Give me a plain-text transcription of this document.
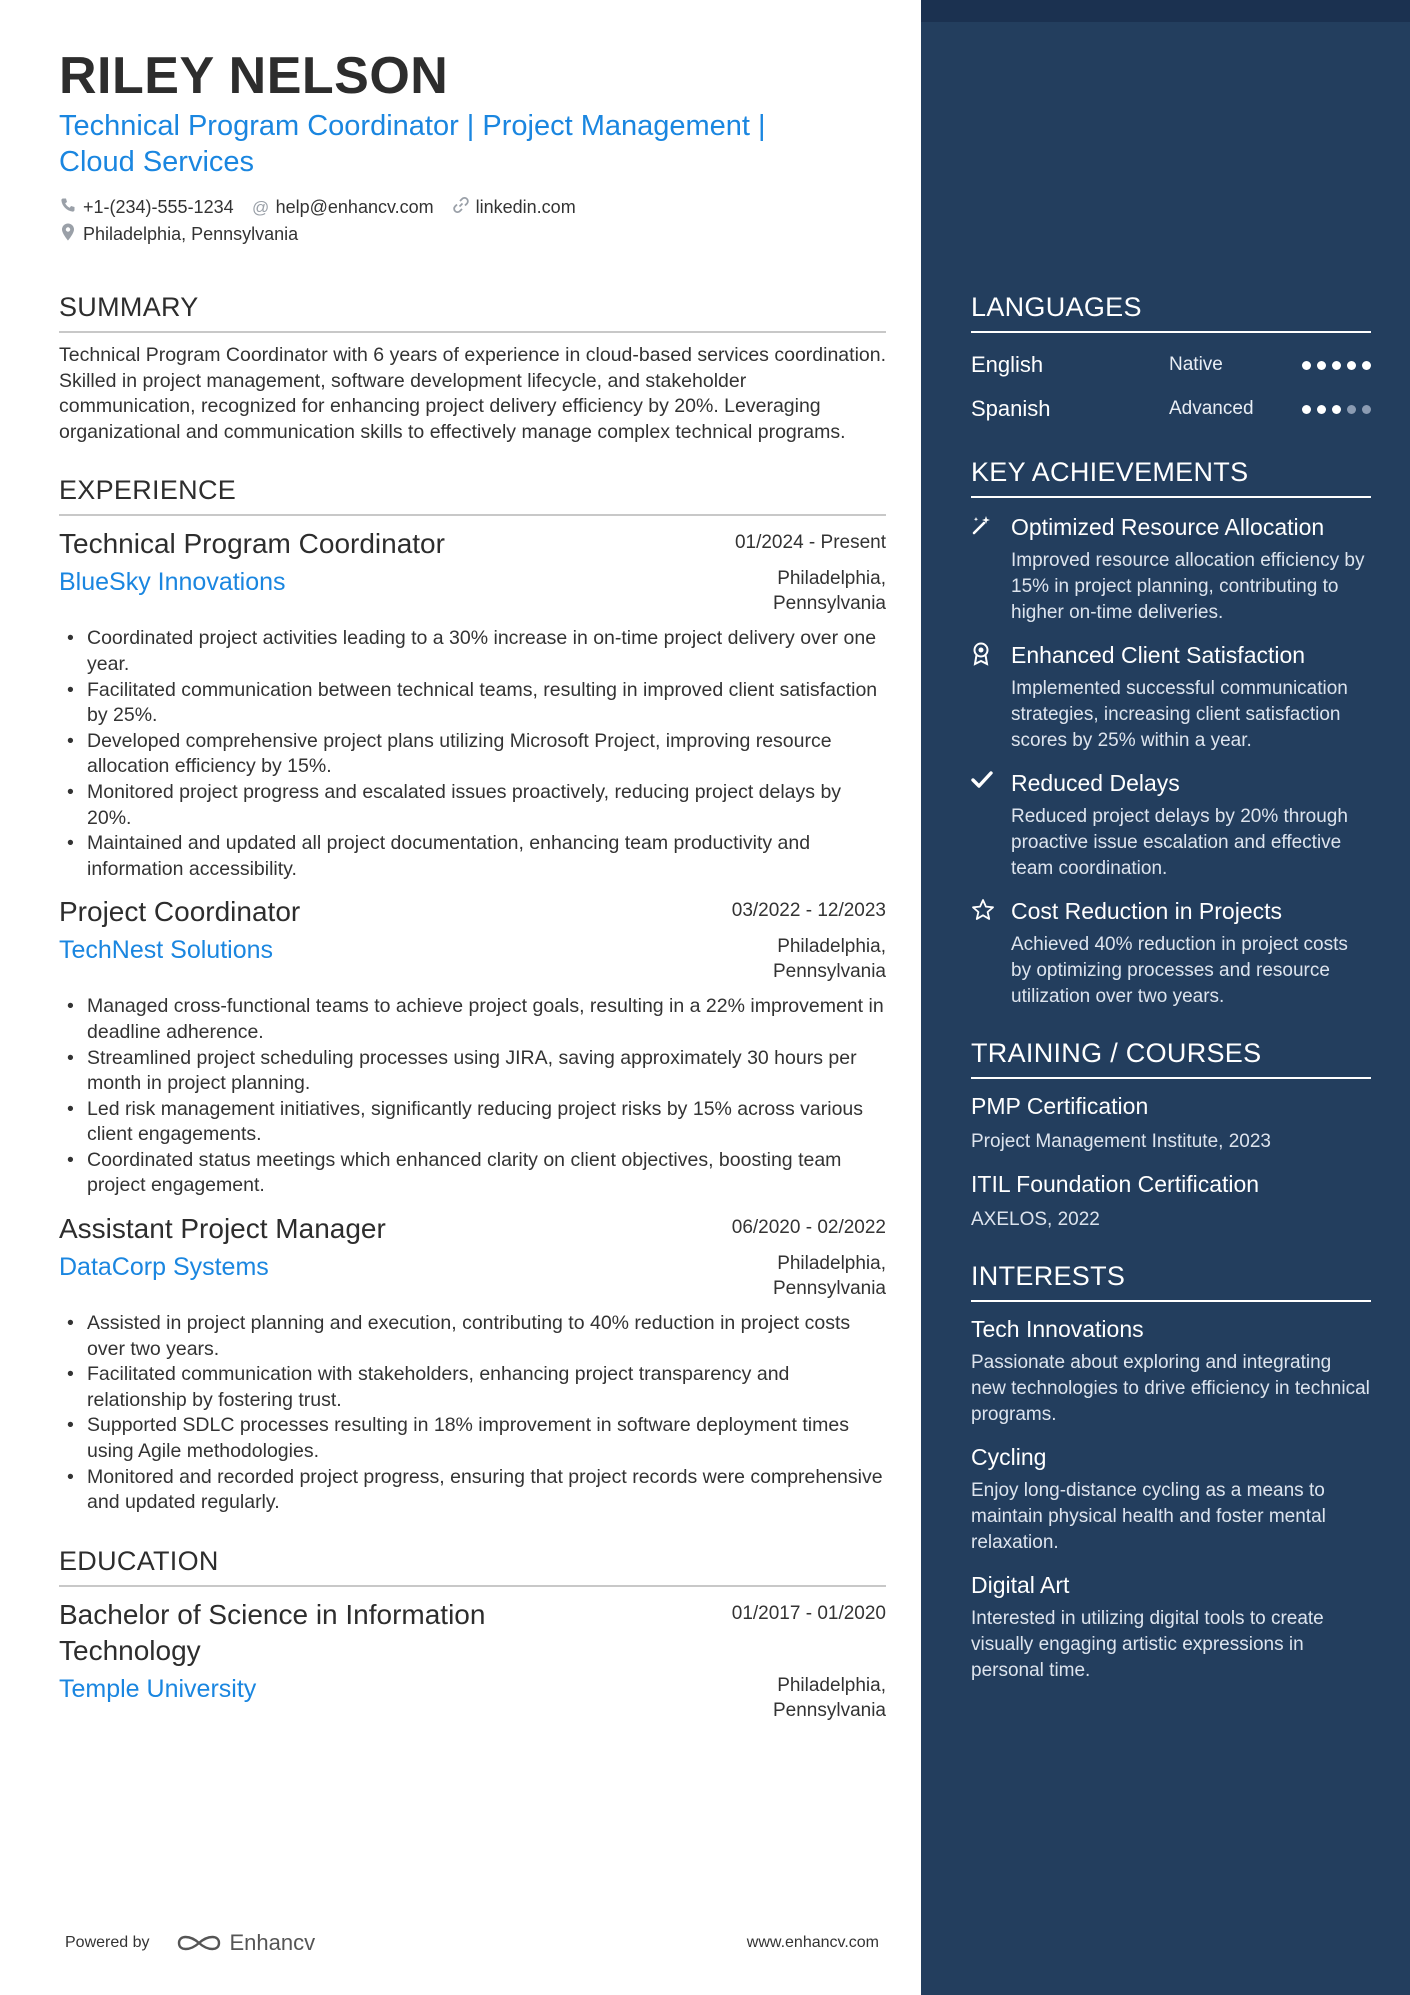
RILEY NELSON
Technical Program Coordinator | Project Management | Cloud Services
+1-(234)-555-1234 @ help@enhancv.com linkedin.com
Philadelphia, Pennsylvania
SUMMARY
Technical Program Coordinator with 6 years of experience in cloud-based services coordination. Skilled in project management, software development lifecycle, and stakeholder communication, recognized for enhancing project delivery efficiency by 20%. Leveraging organizational and communication skills to effectively manage complex technical programs.
EXPERIENCE
Technical Program Coordinator	01/2024 - Present
BlueSky Innovations	Philadelphia, Pennsylvania
• Coordinated project activities leading to a 30% increase in on-time project delivery over one year.
• Facilitated communication between technical teams, resulting in improved client satisfaction by 25%.
• Developed comprehensive project plans utilizing Microsoft Project, improving resource allocation efficiency by 15%.
• Monitored project progress and escalated issues proactively, reducing project delays by 20%.
• Maintained and updated all project documentation, enhancing team productivity and information accessibility.
Project Coordinator	03/2022 - 12/2023
TechNest Solutions	Philadelphia, Pennsylvania
• Managed cross-functional teams to achieve project goals, resulting in a 22% improvement in deadline adherence.
• Streamlined project scheduling processes using JIRA, saving approximately 30 hours per month in project planning.
• Led risk management initiatives, significantly reducing project risks by 15% across various client engagements.
• Coordinated status meetings which enhanced clarity on client objectives, boosting team project engagement.
Assistant Project Manager	06/2020 - 02/2022
DataCorp Systems	Philadelphia, Pennsylvania
• Assisted in project planning and execution, contributing to 40% reduction in project costs over two years.
• Facilitated communication with stakeholders, enhancing project transparency and relationship by fostering trust.
• Supported SDLC processes resulting in 18% improvement in software deployment times using Agile methodologies.
• Monitored and recorded project progress, ensuring that project records were comprehensive and updated regularly.
EDUCATION
Bachelor of Science in Information Technology
01/2017 - 01/2020
Temple University	Philadelphia, Pennsylvania
Powered by	Enhancv	www.enhancv.com
LANGUAGES
English	Native
Spanish	Advanced
KEY ACHIEVEMENTS
Optimized Resource Allocation
Improved resource allocation efficiency by 15% in project planning, contributing to higher on-time deliveries.
Enhanced Client Satisfaction
Implemented successful communication strategies, increasing client satisfaction scores by 25% within a year.
Reduced Delays
Reduced project delays by 20% through proactive issue escalation and effective team coordination.
Cost Reduction in Projects
Achieved 40% reduction in project costs by optimizing processes and resource utilization over two years.
TRAINING / COURSES
PMP Certification
Project Management Institute, 2023
ITIL Foundation Certification
AXELOS, 2022
INTERESTS
Tech Innovations
Passionate about exploring and integrating new technologies to drive efficiency in technical programs.
Cycling
Enjoy long-distance cycling as a means to maintain physical health and foster mental relaxation.
Digital Art
Interested in utilizing digital tools to create visually engaging artistic expressions in personal time.
